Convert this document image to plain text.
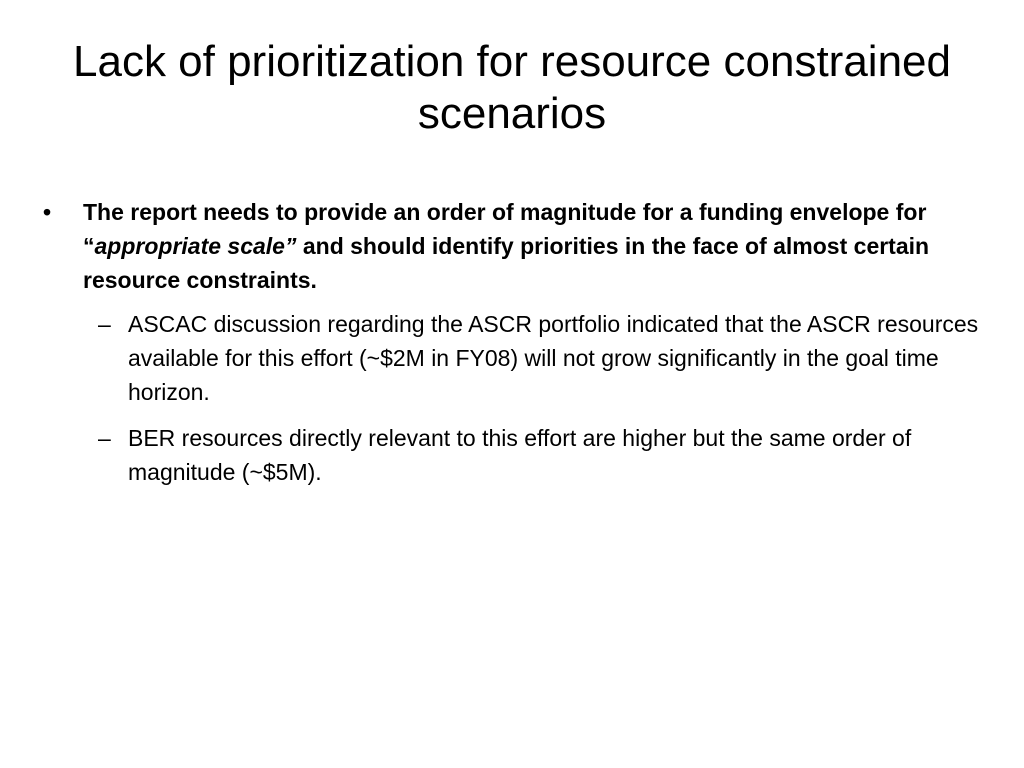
Lack of prioritization for resource constrained scenarios
• The report needs to provide an order of magnitude for a funding envelope for “appropriate scale” and should identify priorities in the face of almost certain resource constraints.
– ASCAC discussion regarding the ASCR portfolio indicated that the ASCR resources available for this effort (~$2M in FY08) will not grow significantly in the goal time horizon.
– BER resources directly relevant to this effort are higher but the same order of magnitude (~$5M).
